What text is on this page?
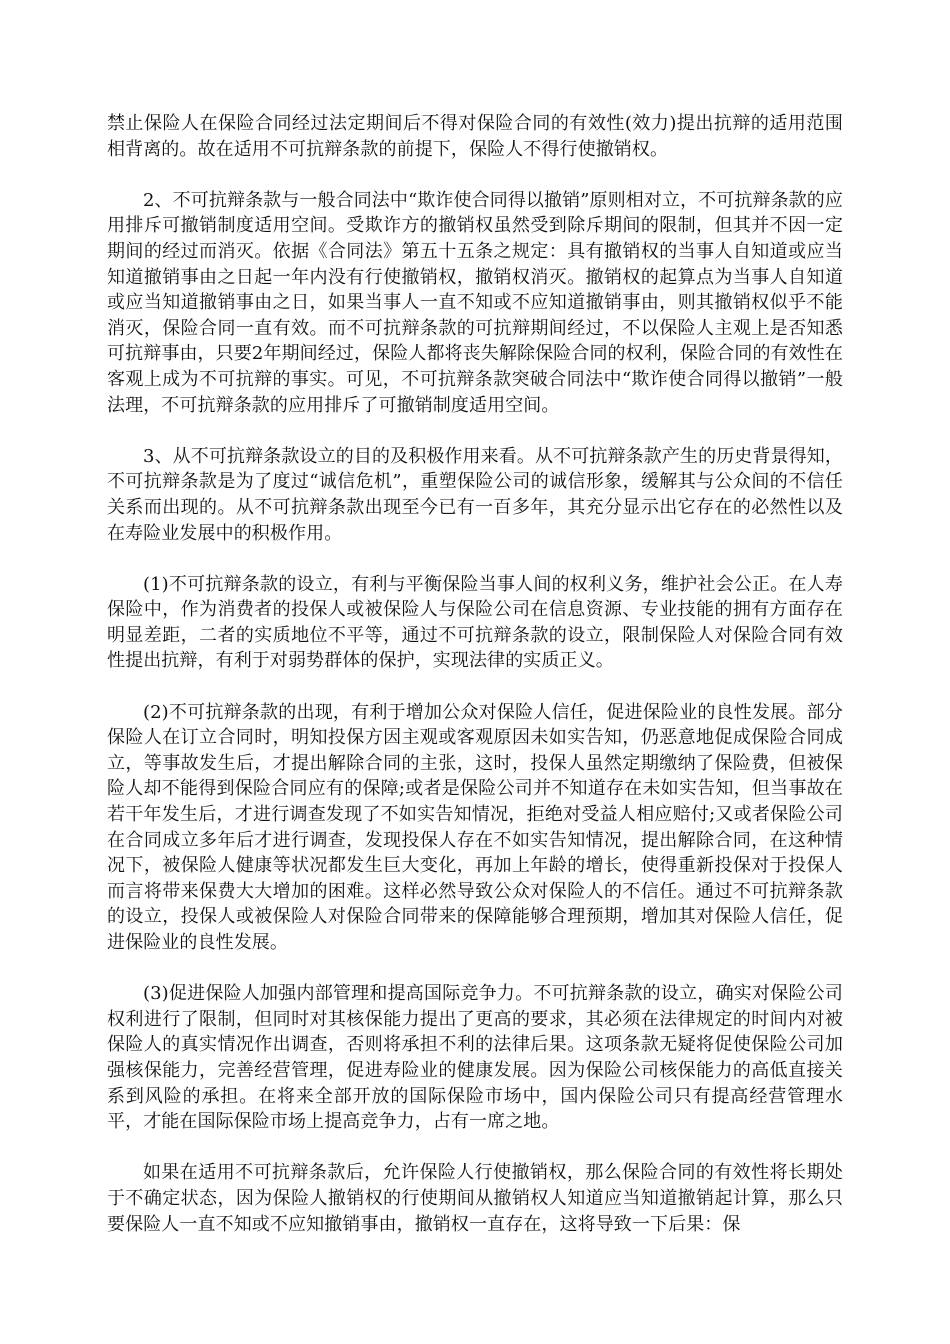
禁止保险人在保险合同经过法定期间后不得对保险合同的有效性(效力)提出抗辩的适用范围相背离的。故在适用不可抗辩条款的前提下，保险人不得行使撤销权。

2、不可抗辩条款与一般合同法中“欺诈使合同得以撤销”原则相对立，不可抗辩条款的应用排斥可撤销制度适用空间。受欺诈方的撤销权虽然受到除斥期间的限制，但其并不因一定期间的经过而消灭。依据《合同法》第五十五条之规定：具有撤销权的当事人自知道或应当知道撤销事由之日起一年内没有行使撤销权，撤销权消灭。撤销权的起算点为当事人自知道或应当知道撤销事由之日，如果当事人一直不知或不应知道撤销事由，则其撤销权似乎不能消灭，保险合同一直有效。而不可抗辩条款的可抗辩期间经过，不以保险人主观上是否知悉可抗辩事由，只要2年期间经过，保险人都将丧失解除保险合同的权利，保险合同的有效性在客观上成为不可抗辩的事实。可见，不可抗辩条款突破合同法中“欺诈使合同得以撤销”一般法理，不可抗辩条款的应用排斥了可撤销制度适用空间。

3、从不可抗辩条款设立的目的及积极作用来看。从不可抗辩条款产生的历史背景得知，不可抗辩条款是为了度过“诚信危机”，重塑保险公司的诚信形象，缓解其与公众间的不信任关系而出现的。从不可抗辩条款出现至今已有一百多年，其充分显示出它存在的必然性以及在寿险业发展中的积极作用。

(1)不可抗辩条款的设立，有利与平衡保险当事人间的权利义务，维护社会公正。在人寿保险中，作为消费者的投保人或被保险人与保险公司在信息资源、专业技能的拥有方面存在明显差距，二者的实质地位不平等，通过不可抗辩条款的设立，限制保险人对保险合同有效性提出抗辩，有利于对弱势群体的保护，实现法律的实质正义。

(2)不可抗辩条款的出现，有利于增加公众对保险人信任，促进保险业的良性发展。部分保险人在订立合同时，明知投保方因主观或客观原因未如实告知，仍恶意地促成保险合同成立，等事故发生后，才提出解除合同的主张，这时，投保人虽然定期缴纳了保险费，但被保险人却不能得到保险合同应有的保障;或者是保险公司并不知道存在未如实告知，但当事故在若干年发生后，才进行调查发现了不如实告知情况，拒绝对受益人相应赔付;又或者保险公司在合同成立多年后才进行调查，发现投保人存在不如实告知情况，提出解除合同，在这种情况下，被保险人健康等状况都发生巨大变化，再加上年龄的增长，使得重新投保对于投保人而言将带来保费大大增加的困难。这样必然导致公众对保险人的不信任。通过不可抗辩条款的设立，投保人或被保险人对保险合同带来的保障能够合理预期，增加其对保险人信任，促进保险业的良性发展。

(3)促进保险人加强内部管理和提高国际竞争力。不可抗辩条款的设立，确实对保险公司权利进行了限制，但同时对其核保能力提出了更高的要求，其必须在法律规定的时间内对被保险人的真实情况作出调查，否则将承担不利的法律后果。这项条款无疑将促使保险公司加强核保能力，完善经营管理，促进寿险业的健康发展。因为保险公司核保能力的高低直接关系到风险的承担。在将来全部开放的国际保险市场中，国内保险公司只有提高经营管理水平，才能在国际保险市场上提高竞争力，占有一席之地。

如果在适用不可抗辩条款后，允许保险人行使撤销权，那么保险合同的有效性将长期处于不确定状态，因为保险人撤销权的行使期间从撤销权人知道应当知道撤销起计算，那么只要保险人一直不知或不应知撤销事由，撤销权一直存在，这将导致一下后果：保
